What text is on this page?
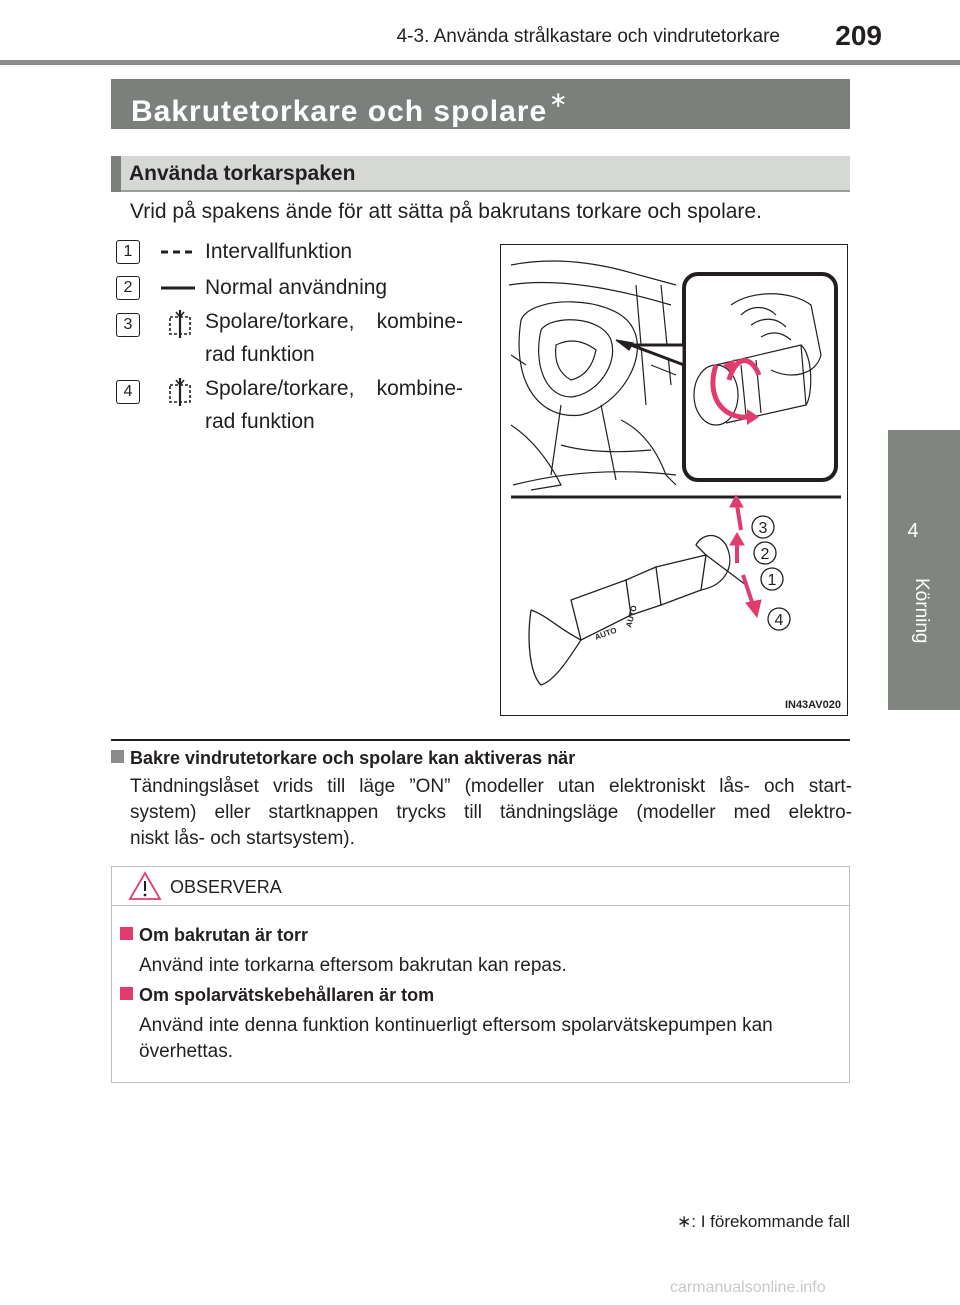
4-3. Använda strålkastare och vindrutetorkare	209
4
Körning
Bakrutetorkare och spolare∗
Använda torkarspaken
Vrid på spakens ände för att sätta på bakrutans torkare och spolare.
1	Intervallfunktion
2	Normal användning
3	Spolare/torkare, kombine-
rad funktion
4	Spolare/torkare, kombine-
rad funktion
AUTO
AUTO
3
2
1
4
IN43AV020
Bakre vindrutetorkare och spolare kan aktiveras när
Tändningslåset vrids till läge ”ON” (modeller utan elektroniskt lås- och start-
system) eller startknappen trycks till tändningsläge (modeller med elektro-
niskt lås- och startsystem).
OBSERVERA
Om bakrutan är torr
Använd inte torkarna eftersom bakrutan kan repas.
Om spolarvätskebehållaren är tom
Använd inte denna funktion kontinuerligt eftersom spolarvätskepumpen kan
överhettas.
∗: I förekommande fall
carmanualsonline.info
